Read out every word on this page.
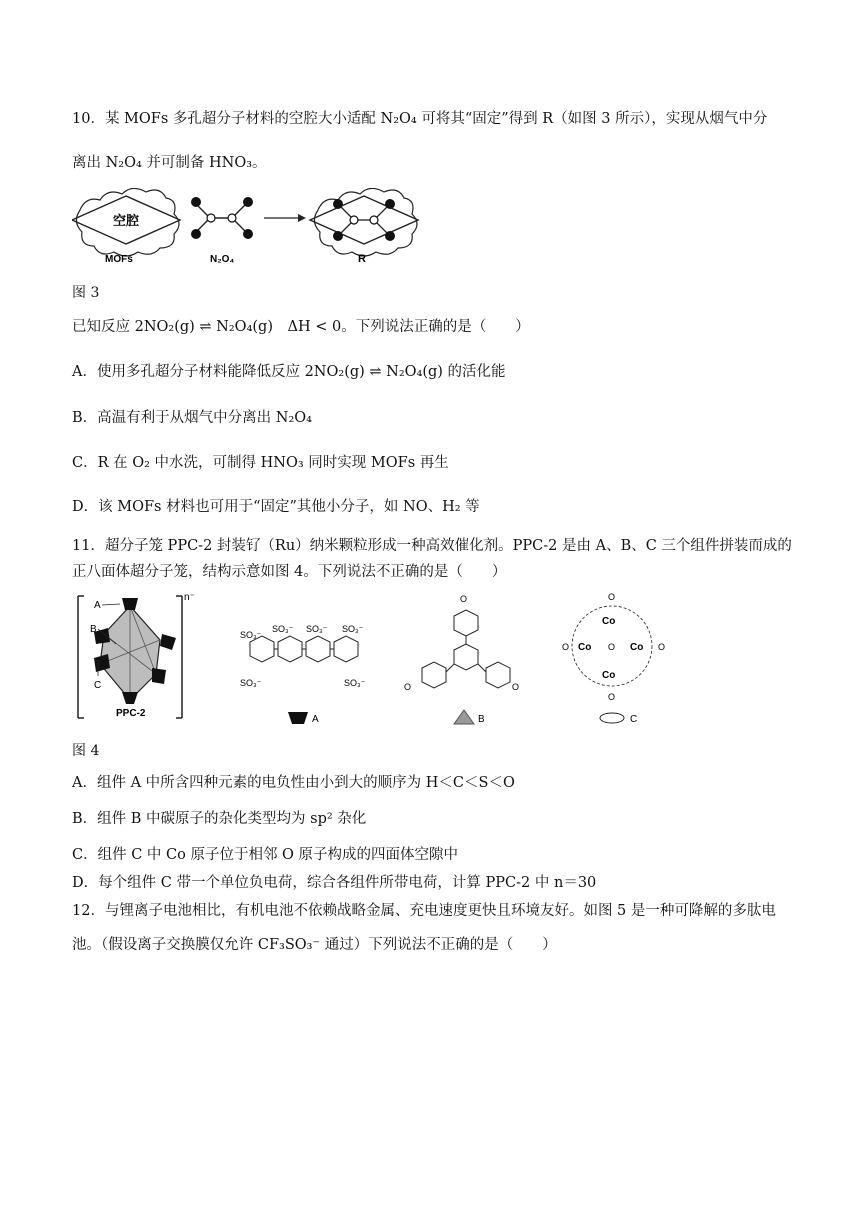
10．某 MOFs 多孔超分子材料的空腔大小适配 N₂O₄ 可将其“固定”得到 R（如图 3 所示），实现从烟气中分
离出 N₂O₄ 并可制备 HNO₃。
空腔
MOFs	N₂O₄	R
图 3
已知反应 2NO₂(g) ⇌ N₂O₄(g)　ΔH < 0。下列说法正确的是（　　）
A．使用多孔超分子材料能降低反应 2NO₂(g) ⇌ N₂O₄(g) 的活化能
B．高温有利于从烟气中分离出 N₂O₄
C．R 在 O₂ 中水洗，可制得 HNO₃ 同时实现 MOFs 再生
D．该 MOFs 材料也可用于“固定”其他小分子，如 NO、H₂ 等
11．超分子笼 PPC-2 封装钌（Ru）纳米颗粒形成一种高效催化剂。PPC-2 是由 A、B、C 三个组件拼装而成的
正八面体超分子笼，结构示意如图 4。下列说法不正确的是（　　）
n⁻
A
B
C
PPC-2
SO₃⁻
SO₃⁻ SO₃⁻ SO₃⁻
SO₃⁻	SO₃⁻
A
O
O	O
B
Co
Co	Co
Co
O
O
O
O	O
C
图 4
A．组件 A 中所含四种元素的电负性由小到大的顺序为 H＜C＜S＜O
B．组件 B 中碳原子的杂化类型均为 sp² 杂化
C．组件 C 中 Co 原子位于相邻 O 原子构成的四面体空隙中
D．每个组件 C 带一个单位负电荷，综合各组件所带电荷，计算 PPC-2 中 n＝30
12．与锂离子电池相比，有机电池不依赖战略金属、充电速度更快且环境友好。如图 5 是一种可降解的多肽电
池。（假设离子交换膜仅允许 CF₃SO₃⁻ 通过）下列说法不正确的是（　　）
